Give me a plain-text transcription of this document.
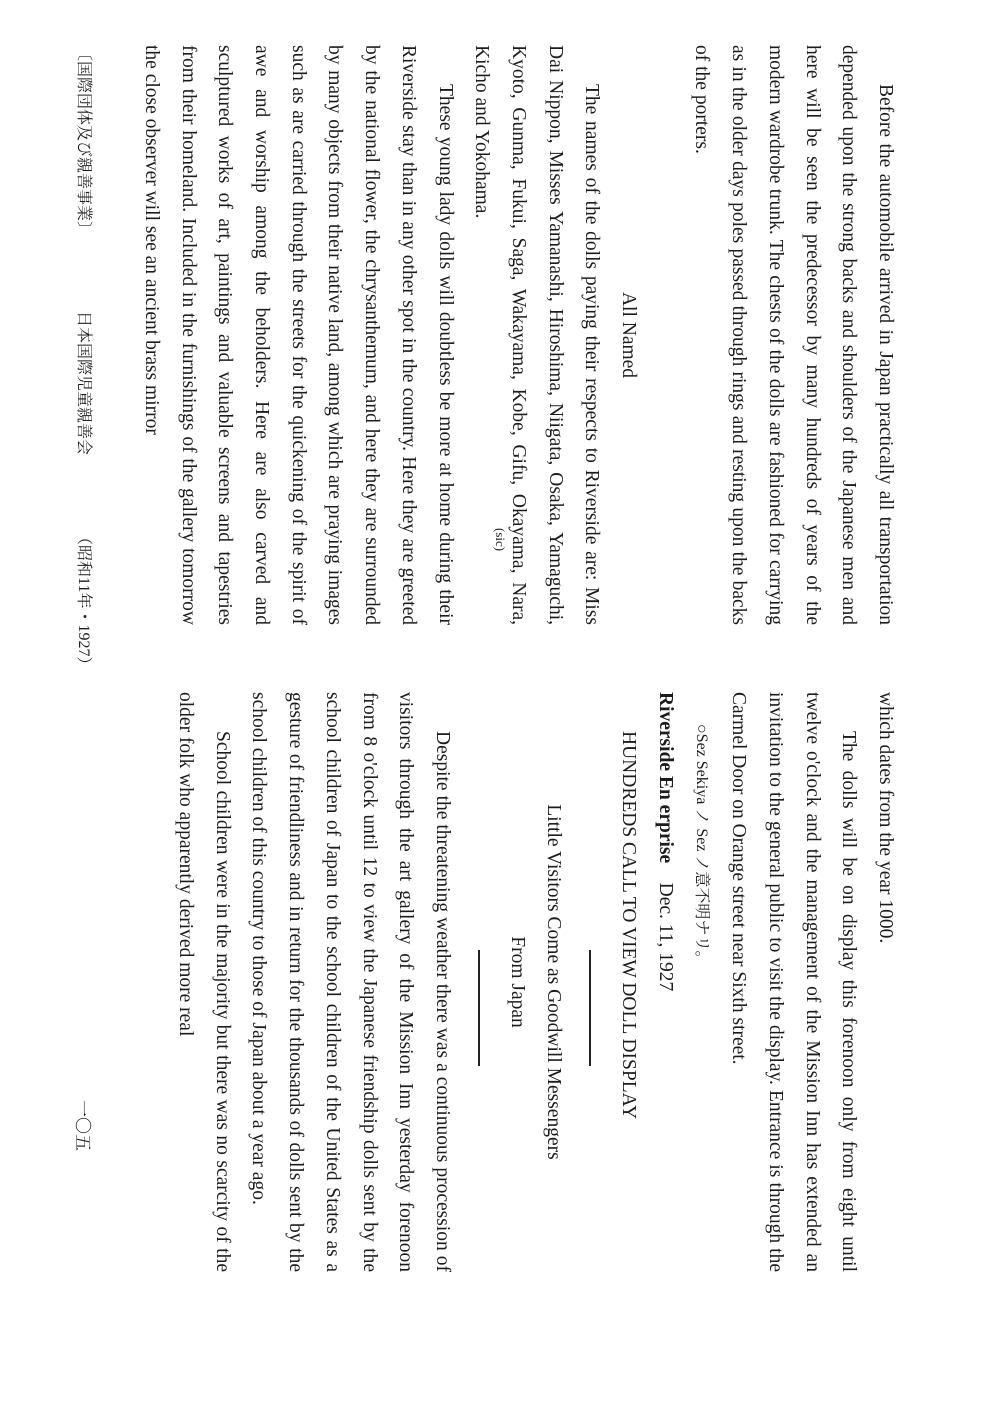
Before the automobile arrived in Japan practically all transportation depended upon the strong backs and shoulders of the Japanese men and here will be seen the predecessor by many hundreds of years of the modern wardrobe trunk. The chests of the dolls are fashioned for carrying as in the older days poles passed through rings and resting upon the backs of the porters.

All Named

The names of the dolls paying their respects to Riverside are: Miss Dai Nippon, Misses Yamanashi, Hiroshima, Niigata, Osaka, Yamaguchi, Kyoto, Gunma, Fukui, Saga, Wakayama, Kobe, Gifu, Okayama, Nara, Kicho and Yokohama.

These young lady dolls will doubtless be more at home during their Riverside stay than in any other spot in the country. Here they are greeted by the national flower, the chrysanthemum, and here they are surrounded by many objects from their native land, among which are praying images such as are carried through the streets for the quickening of the spirit of awe and worship among the beholders. Here are also carved and sculptured works of art, paintings and valuable screens and tapestries from their homeland. Included in the furnishings of the gallery tomorrow the close observer will see an ancient brass mirror

(sic)

which dates from the year 1000.

The dolls will be on display this forenoon only from eight until twelve o'clock and the management of the Mission Inn has extended an invitation to the general public to visit the display. Entrance is through the Carmel Door on Orange street near Sixth street.

○Sez Sekiya ノ Sez ノ意不明ナリ。

Riverside En erprise    Dec. 11, 1927

HUNDREDS CALL TO VIEW DOLL DISPLAY

Little Visitors Come as Goodwill Messengers

From Japan

Despite the threatening weather there was a continuous procession of visitors through the art gallery of the Mission Inn yesterday forenoon from 8 o'clock until 12 to view the Japanese friendship dolls sent by the school children of Japan to the school children of the United States as a gesture of friendliness and in return for the thousands of dolls sent by the school children of this country to those of Japan about a year ago.

School children were in the majority but there was no scarcity of the older folk who apparently derived more real

〔国際団体及び親善事業〕 日本国際児童親善会 （昭和11年・1927）
一〇五
